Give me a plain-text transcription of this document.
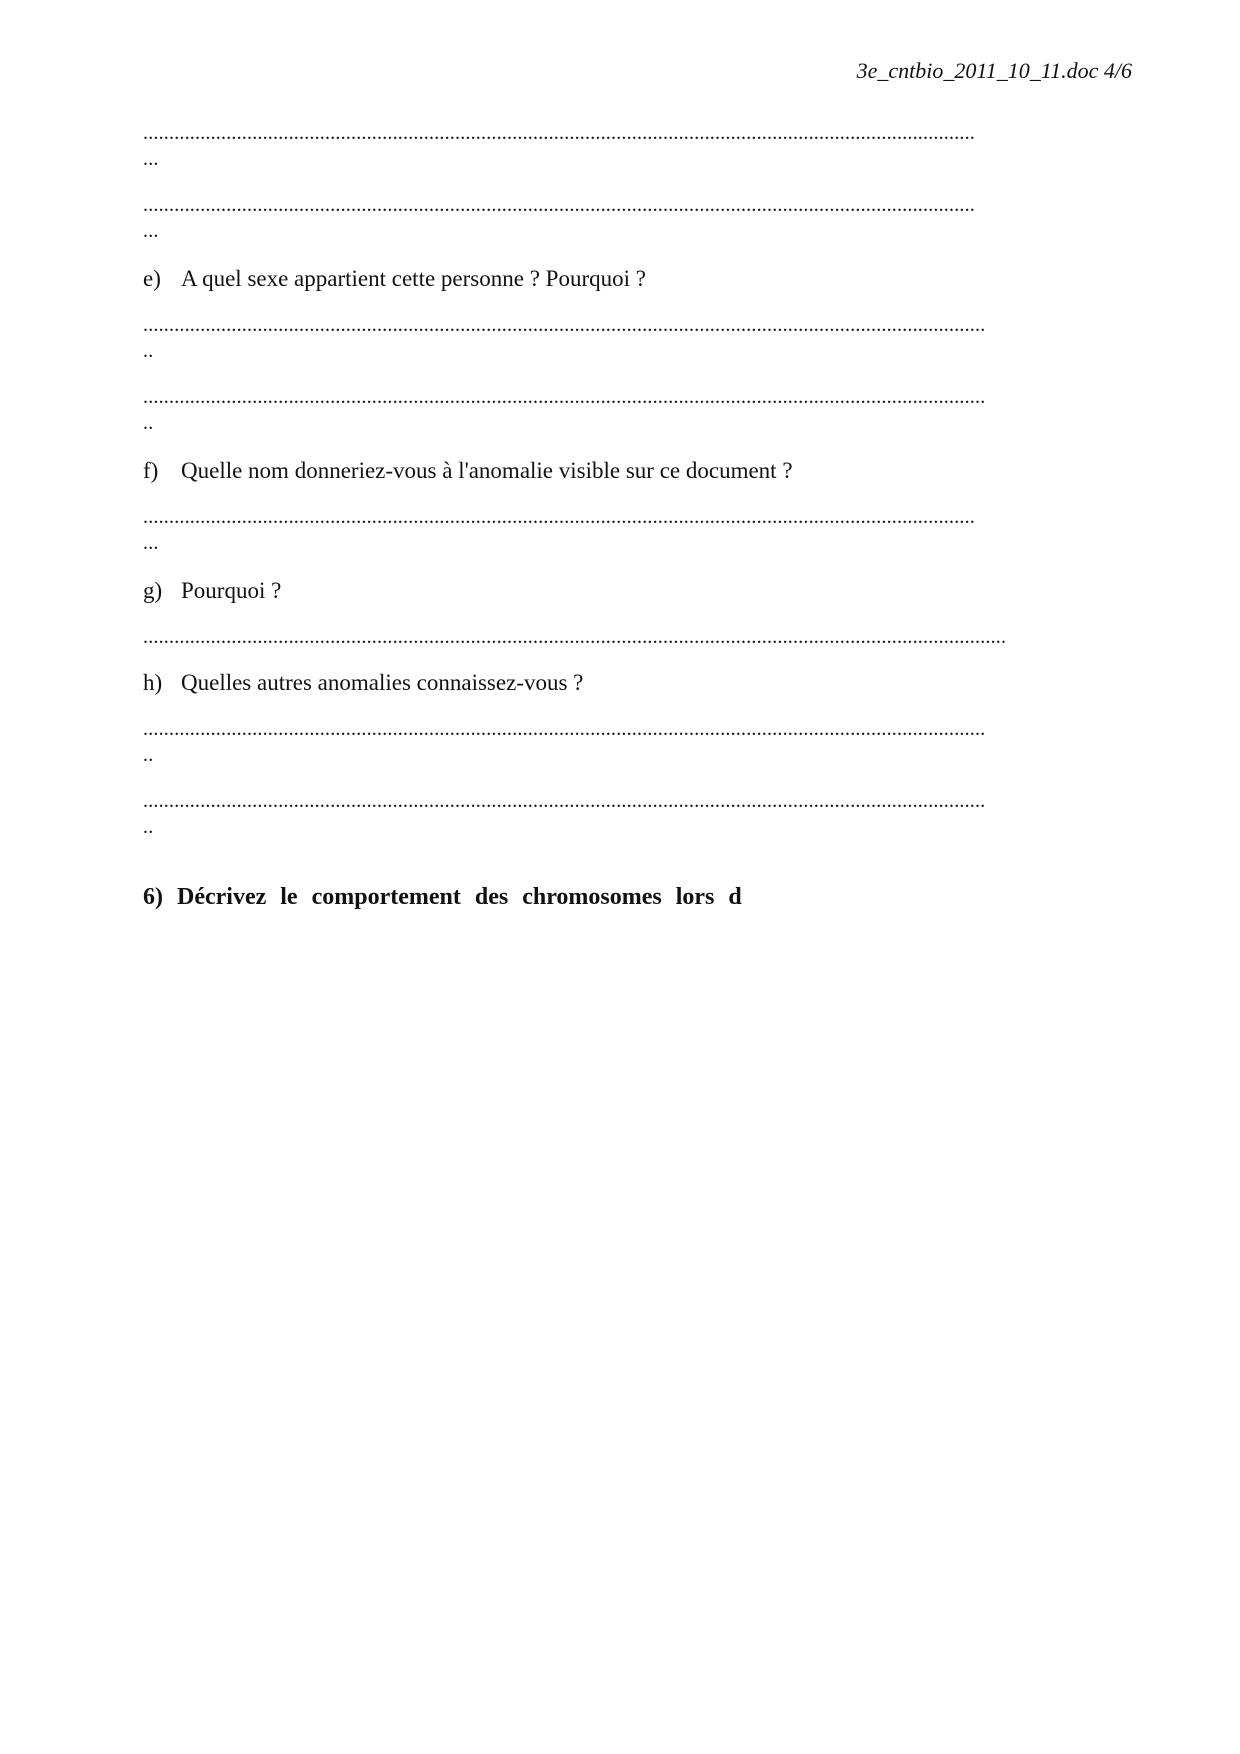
3e_cntbio_2011_10_11.doc 4/6
................................................................................................................................................................
...
................................................................................................................................................................
...
e) A quel sexe appartient cette personne ? Pourquoi ?
..................................................................................................................................................................
..
..................................................................................................................................................................
..
f) Quelle nom donneriez-vous à l'anomalie visible sur ce document ?
................................................................................................................................................................
...
g) Pourquoi ?
......................................................................................................................................................................
h) Quelles autres anomalies connaissez-vous ?
..................................................................................................................................................................
..
..................................................................................................................................................................
..
6) Décrivez le comportement des chromosomes lors d
